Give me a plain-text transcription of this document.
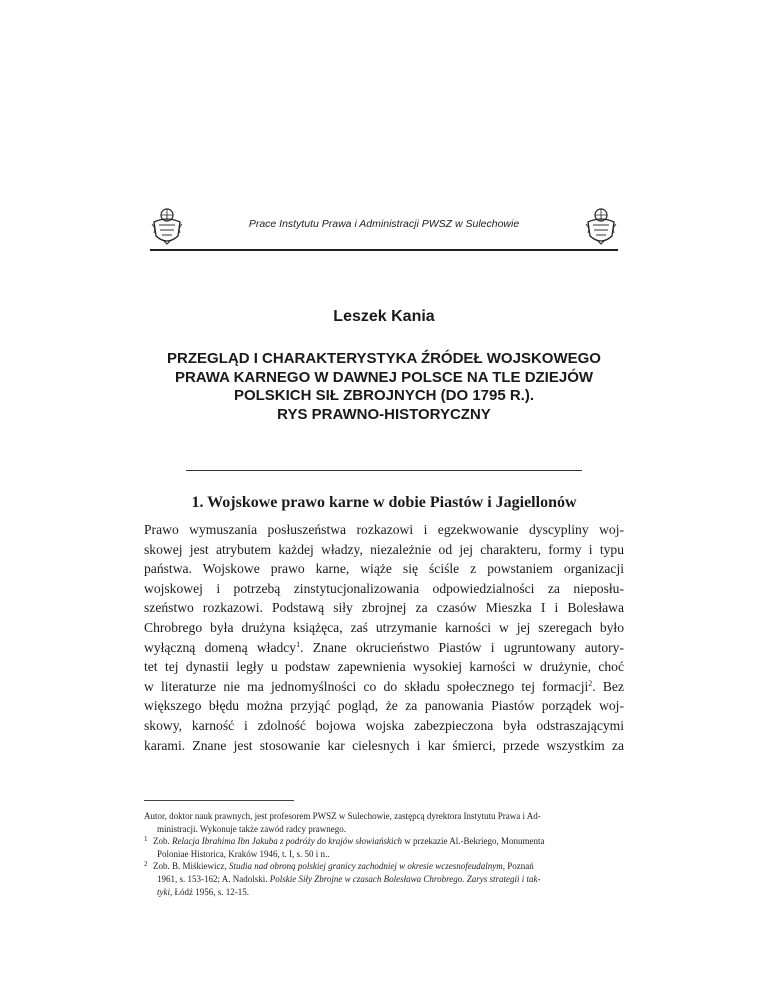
Prace Instytutu Prawa i Administracji PWSZ w Sulechowie
Leszek Kania
PRZEGLĄD I CHARAKTERYSTYKA ŹRÓDEŁ WOJSKOWEGO
PRAWA KARNEGO W DAWNEJ POLSCE NA TLE DZIEJÓW
POLSKICH SIŁ ZBROJNYCH (DO 1795 R.).
RYS PRAWNO-HISTORYCZNY
1. Wojskowe prawo karne w dobie Piastów i Jagiellonów
Prawo wymuszania posłuszeństwa rozkazowi i egzekwowanie dyscypliny woj-
skowej jest atrybutem każdej władzy, niezależnie od jej charakteru, formy i typu
państwa. Wojskowe prawo karne, wiąże się ściśle z powstaniem organizacji
wojskowej i potrzebą zinstytucjonalizowania odpowiedzialności za nieposłu-
szeństwo rozkazowi. Podstawą siły zbrojnej za czasów Mieszka I i Bolesława
Chrobrego była drużyna książęca, zaś utrzymanie karności w jej szeregach było
wyłączną domeną władcy$^1$. Znane okrucieństwo Piastów i ugruntowany autory-
tet tej dynastii legły u podstaw zapewnienia wysokiej karności w drużynie, choć
w literaturze nie ma jednomyślności co do składu społecznego tej formacji$^2$. Bez
większego błędu można przyjąć pogląd, że za panowania Piastów porządek woj-
skowy, karność i zdolność bojowa wojska zabezpieczona była odstraszającymi
karami. Znane jest stosowanie kar cielesnych i kar śmierci, przede wszystkim za

Autor, doktor nauk prawnych, jest profesorem PWSZ w Sulechowie, zastępcą dyrektora Instytutu Prawa i Ad-

ministracji. Wykonuje także zawód radcy prawnego.

1 Zob. Relacja Ibrahima Ibn Jakuba z podróży do krajów słowiańskich w przekazie Al.-Bekriego, Monumenta

Poloniae Historica, Kraków 1946, t. I, s. 50 i n..

2 Zob. B. Miśkiewicz, Studia nad obroną polskiej granicy zachodniej w okresie wczesnofeudalnym, Poznań

1961, s. 153-162; A. Nadolski. Polskie Siły Zbrojne w czasach Bolesława Chrobrego. Zarys strategii i tak-

tyki, Łódź 1956, s. 12-15.
